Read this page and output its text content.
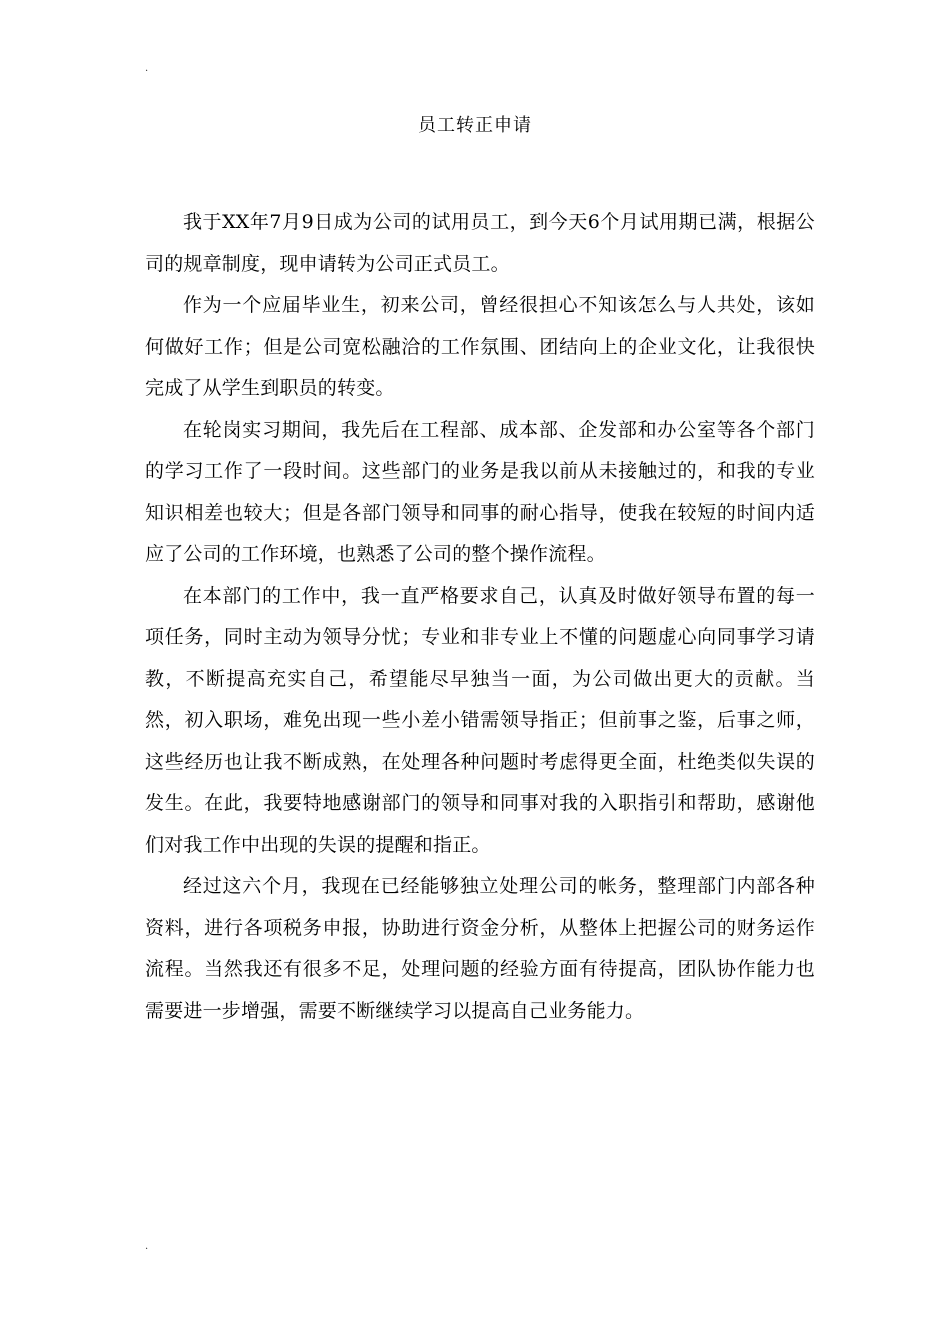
.
员工转正申请

我于XX年7月9日成为公司的试用员工，到今天6个月试用期已满，根据公司的规章制度，现申请转为公司正式员工。

作为一个应届毕业生，初来公司，曾经很担心不知该怎么与人共处，该如何做好工作；但是公司宽松融洽的工作氛围、团结向上的企业文化，让我很快完成了从学生到职员的转变。

在轮岗实习期间，我先后在工程部、成本部、企发部和办公室等各个部门的学习工作了一段时间。这些部门的业务是我以前从未接触过的，和我的专业知识相差也较大；但是各部门领导和同事的耐心指导，使我在较短的时间内适应了公司的工作环境，也熟悉了公司的整个操作流程。

在本部门的工作中，我一直严格要求自己，认真及时做好领导布置的每一项任务，同时主动为领导分忧；专业和非专业上不懂的问题虚心向同事学习请教，不断提高充实自己，希望能尽早独当一面，为公司做出更大的贡献。当然，初入职场，难免出现一些小差小错需领导指正；但前事之鉴，后事之师，这些经历也让我不断成熟，在处理各种问题时考虑得更全面，杜绝类似失误的发生。在此，我要特地感谢部门的领导和同事对我的入职指引和帮助，感谢他们对我工作中出现的失误的提醒和指正。

经过这六个月，我现在已经能够独立处理公司的帐务，整理部门内部各种资料，进行各项税务申报，协助进行资金分析，从整体上把握公司的财务运作流程。当然我还有很多不足，处理问题的经验方面有待提高，团队协作能力也需要进一步增强，需要不断继续学习以提高自己业务能力。

.
